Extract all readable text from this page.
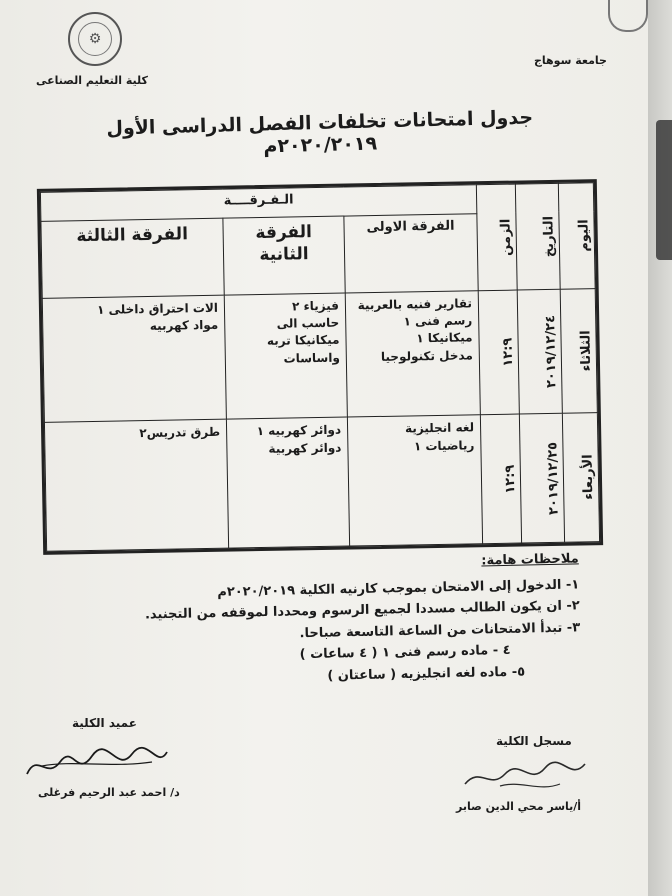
⚙
كلية التعليم الصناعى
جامعة سوهاج
جدول امتحانات تخلفات الفصل الدراسى الأول ٢٠٢٠/٢٠١٩م
اليوم	التاريخ	الزمن	الـفـرقــــة		
			الفرقة الاولى	الفرقة الثانية	الفرقة الثالثة

الثلاثاء	٢٠١٩/١٢/٢٤	١٢:٩	تقارير فنيه بالعربية
رسم فنى ١
ميكانيكا ١
مدخل تكنولوجيا	فيزياء ٢
حاسب الى
ميكانيكا تربه
واساسات	الات احتراق داخلى ١
مواد كهربيه

الأربعاء	٢٠١٩/١٢/٢٥	١٢:٩	لغه انجليزية
رياضيات ١	دوائر كهربيه ١
دوائر كهربية	طرق تدريس٢
ملاحظات هامة:
١- الدخول إلى الامتحان بموجب كارنيه الكلية ٢٠٢٠/٢٠١٩م
٢- ان يكون الطالب مسددا لجميع الرسوم ومحددا لموقفه من التجنيد.
٣- تبدأ الامتحانات من الساعة التاسعة صباحا.
٤ - ماده رسم فنى ١ ( ٤ ساعات )
٥- ماده لغه انجليزيه ( ساعتان )
مسجل الكلية
أ/ياسر محي الدين صابر
عميد الكلية
د/ احمد عبد الرحيم فرغلى
